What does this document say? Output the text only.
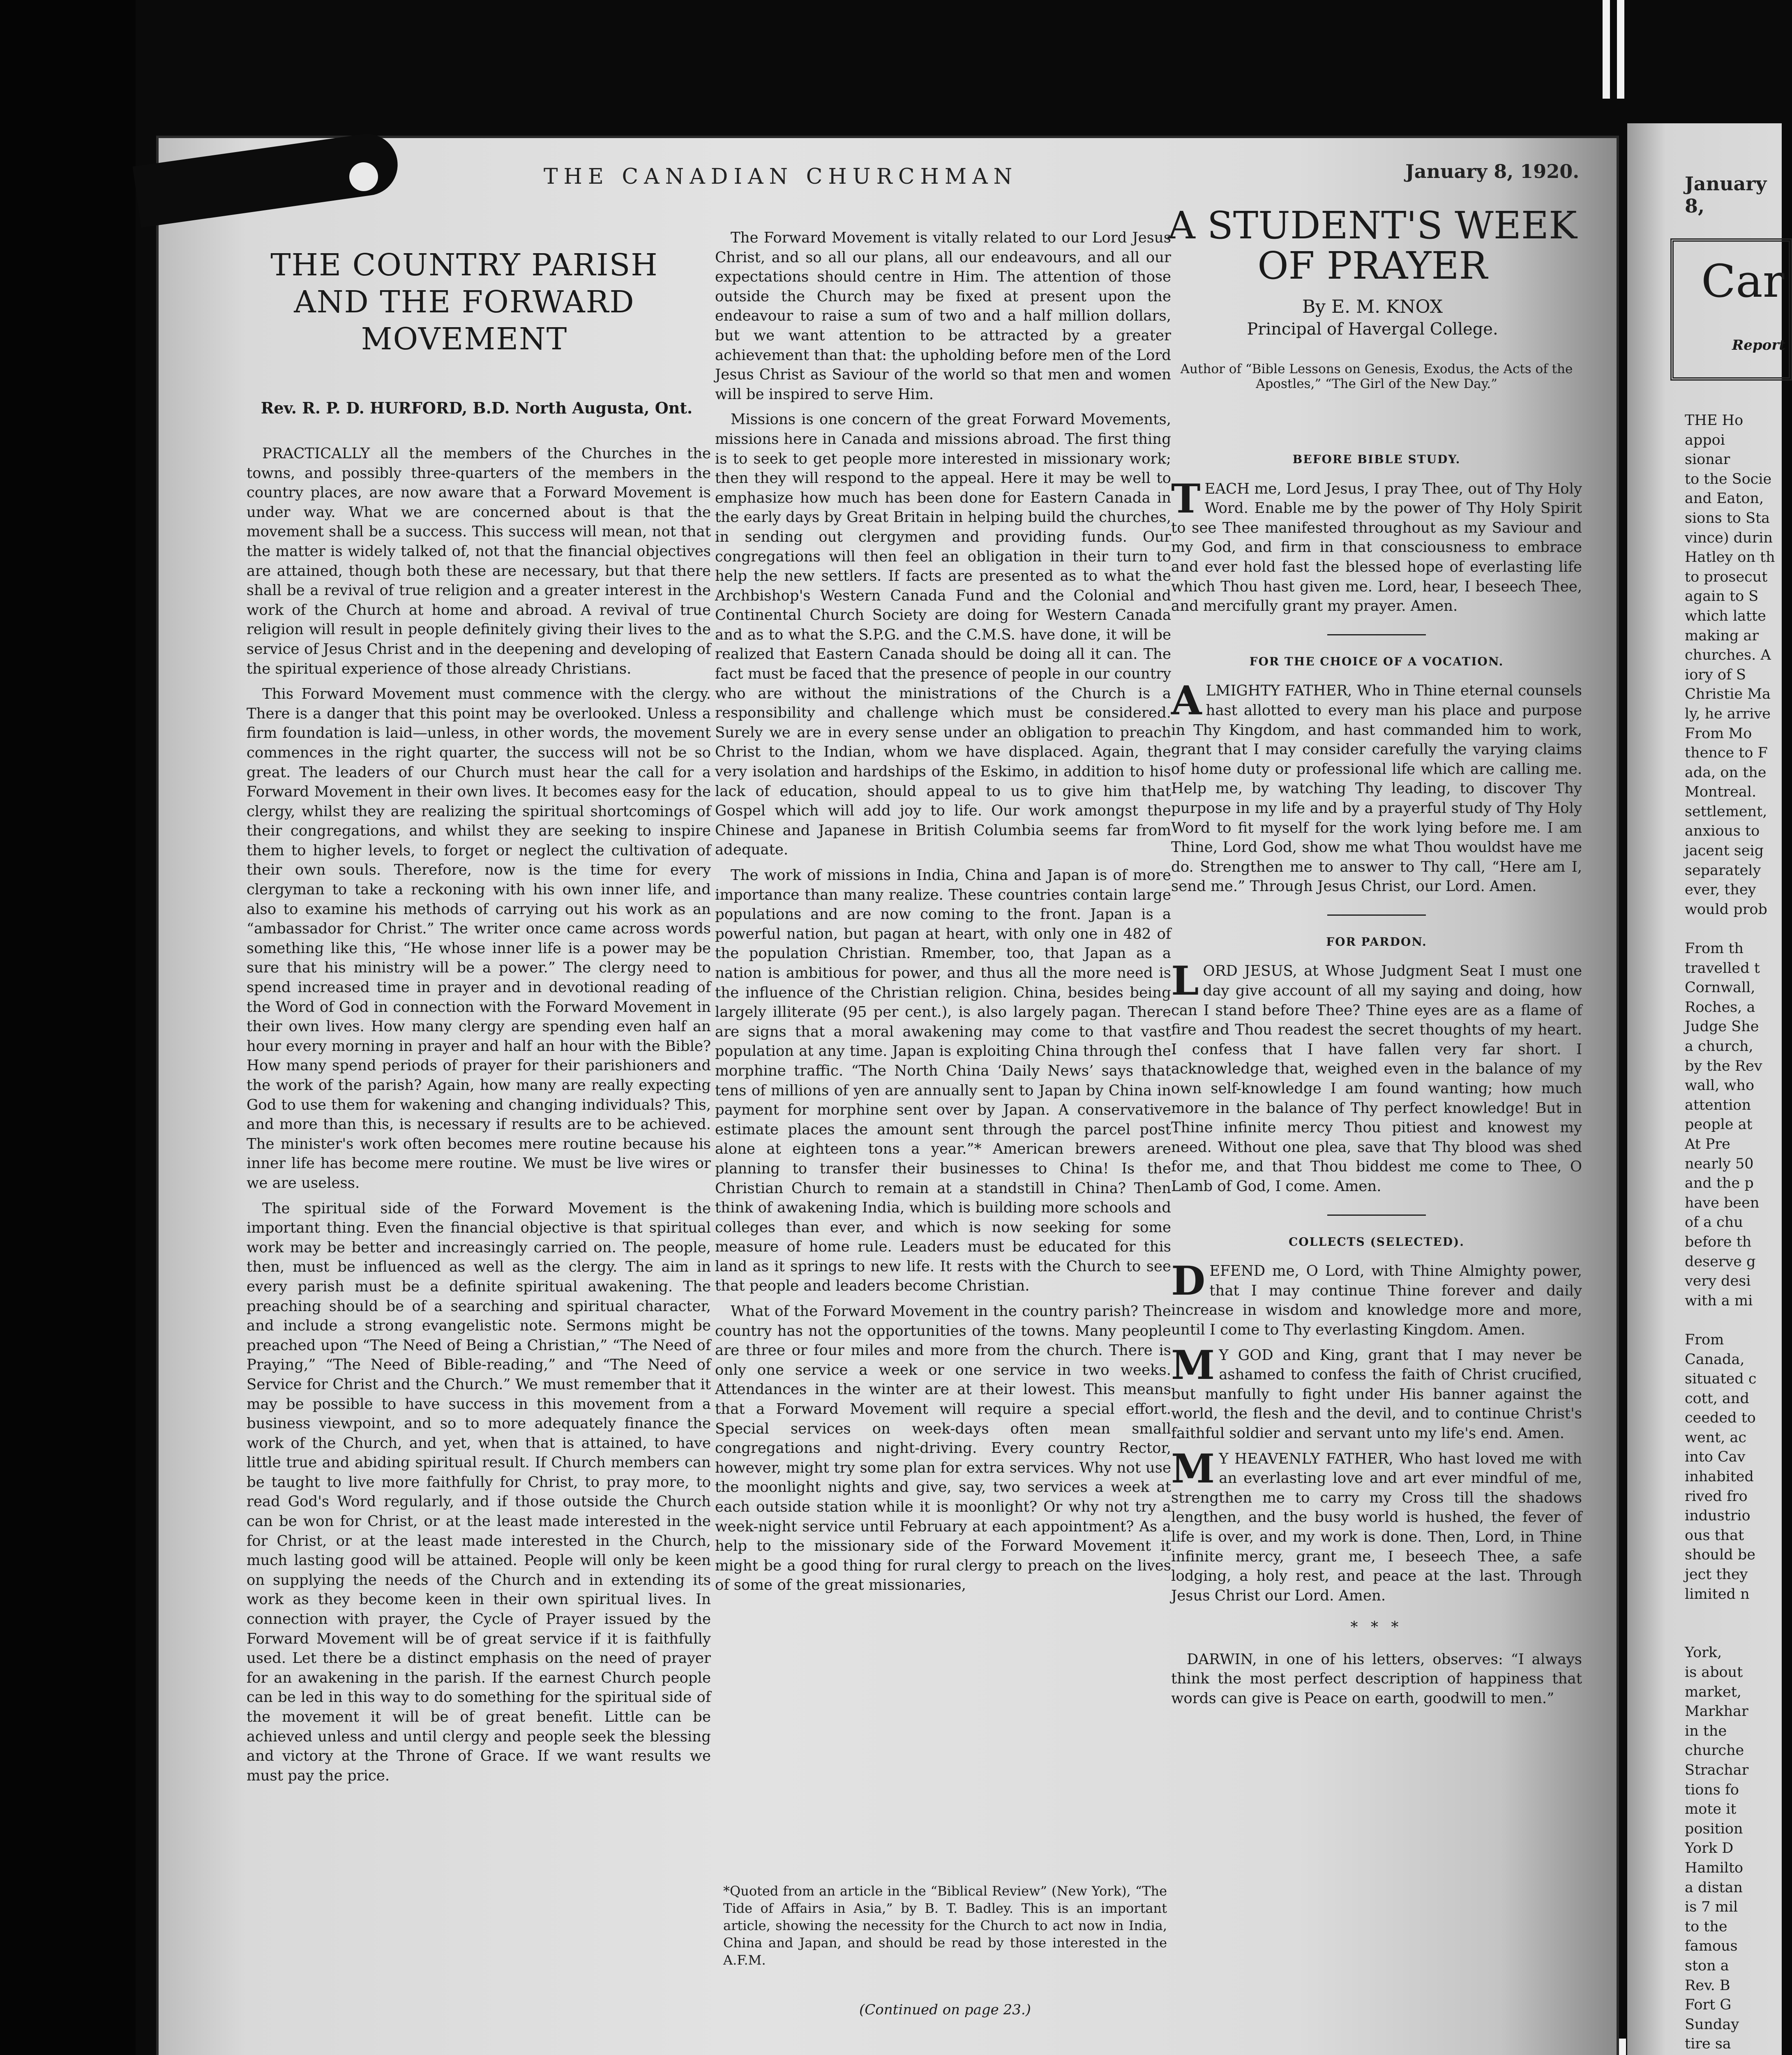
THE CANADIAN CHURCHMAN	January 8, 1920.
THE COUNTRY PARISH AND THE FORWARD MOVEMENT
Rev. R. P. D. HURFORD, B.D. North Augusta, Ont.

PRACTICALLY all the members of the Churches in the towns, and possibly three-quarters of the members in the country places, are now aware that a Forward Movement is under way. What we are concerned about is that the movement shall be a success. This success will mean, not that the matter is widely talked of, not that the financial objectives are attained, though both these are necessary, but that there shall be a revival of true religion and a greater interest in the work of the Church at home and abroad. A revival of true religion will result in people definitely giving their lives to the service of Jesus Christ and in the deepening and developing of the spiritual experience of those already Christians.

This Forward Movement must commence with the clergy. There is a danger that this point may be overlooked. Unless a firm foundation is laid—unless, in other words, the movement commences in the right quarter, the success will not be so great. The leaders of our Church must hear the call for a Forward Movement in their own lives. It becomes easy for the clergy, whilst they are realizing the spiritual shortcomings of their congregations, and whilst they are seeking to inspire them to higher levels, to forget or neglect the cultivation of their own souls. Therefore, now is the time for every clergyman to take a reckoning with his own inner life, and also to examine his methods of carrying out his work as an “ambassador for Christ.” The writer once came across words something like this, “He whose inner life is a power may be sure that his ministry will be a power.” The clergy need to spend increased time in prayer and in devotional reading of the Word of God in connection with the Forward Movement in their own lives. How many clergy are spending even half an hour every morning in prayer and half an hour with the Bible? How many spend periods of prayer for their parishioners and the work of the parish? Again, how many are really expecting God to use them for wakening and changing individuals? This, and more than this, is necessary if results are to be achieved. The minister's work often becomes mere routine because his inner life has become mere routine. We must be live wires or we are useless.

The spiritual side of the Forward Movement is the important thing. Even the financial objective is that spiritual work may be better and increasingly carried on. The people, then, must be influenced as well as the clergy. The aim in every parish must be a definite spiritual awakening. The preaching should be of a searching and spiritual character, and include a strong evangelistic note. Sermons might be preached upon “The Need of Being a Christian,” “The Need of Praying,” “The Need of Bible-reading,” and “The Need of Service for Christ and the Church.” We must remember that it may be possible to have success in this movement from a business viewpoint, and so to more adequately finance the work of the Church, and yet, when that is attained, to have little true and abiding spiritual result. If Church members can be taught to live more faithfully for Christ, to pray more, to read God's Word regularly, and if those outside the Church can be won for Christ, or at the least made interested in the for Christ, or at the least made interested in the Church, much lasting good will be attained. People will only be keen on supplying the needs of the Church and in extending its work as they become keen in their own spiritual lives. In connection with prayer, the Cycle of Prayer issued by the Forward Movement will be of great service if it is faithfully used. Let there be a distinct emphasis on the need of prayer for an awakening in the parish. If the earnest Church people can be led in this way to do something for the spiritual side of the movement it will be of great benefit. Little can be achieved unless and until clergy and people seek the blessing and victory at the Throne of Grace. If we want results we must pay the price.

The Forward Movement is vitally related to our Lord Jesus Christ, and so all our plans, all our endeavours, and all our expectations should centre in Him. The attention of those outside the Church may be fixed at present upon the endeavour to raise a sum of two and a half million dollars, but we want attention to be attracted by a greater achievement than that: the upholding before men of the Lord Jesus Christ as Saviour of the world so that men and women will be inspired to serve Him.

Missions is one concern of the great Forward Movements, missions here in Canada and missions abroad. The first thing is to seek to get people more interested in missionary work; then they will respond to the appeal. Here it may be well to emphasize how much has been done for Eastern Canada in the early days by Great Britain in helping build the churches, in sending out clergymen and providing funds. Our congregations will then feel an obligation in their turn to help the new settlers. If facts are presented as to what the Archbishop's Western Canada Fund and the Colonial and Continental Church Society are doing for Western Canada and as to what the S.P.G. and the C.M.S. have done, it will be realized that Eastern Canada should be doing all it can. The fact must be faced that the presence of people in our country who are without the ministrations of the Church is a responsibility and challenge which must be considered. Surely we are in every sense under an obligation to preach Christ to the Indian, whom we have displaced. Again, the very isolation and hardships of the Eskimo, in addition to his lack of education, should appeal to us to give him that Gospel which will add joy to life. Our work amongst the Chinese and Japanese in British Columbia seems far from adequate.

The work of missions in India, China and Japan is of more importance than many realize. These countries contain large populations and are now coming to the front. Japan is a powerful nation, but pagan at heart, with only one in 482 of the population Christian. Rmember, too, that Japan as a nation is ambitious for power, and thus all the more need is the influence of the Christian religion. China, besides being largely illiterate (95 per cent.), is also largely pagan. There are signs that a moral awakening may come to that vast population at any time. Japan is exploiting China through the morphine traffic. “The North China ‘Daily News’ says that tens of millions of yen are annually sent to Japan by China in payment for morphine sent over by Japan. A conservative estimate places the amount sent through the parcel post alone at eighteen tons a year.”* American brewers are planning to transfer their businesses to China! Is the Christian Church to remain at a standstill in China? Then think of awakening India, which is building more schools and colleges than ever, and which is now seeking for some measure of home rule. Leaders must be educated for this land as it springs to new life. It rests with the Church to see that people and leaders become Christian.

What of the Forward Movement in the country parish? The country has not the opportunities of the towns. Many people are three or four miles and more from the church. There is only one service a week or one service in two weeks. Attendances in the winter are at their lowest. This means that a Forward Movement will require a special effort. Special services on week-days often mean small congregations and night-driving. Every country Rector, however, might try some plan for extra services. Why not use the moonlight nights and give, say, two services a week at each outside station while it is moonlight? Or why not try a week-night service until February at each appointment? As a help to the missionary side of the Forward Movement it might be a good thing for rural clergy to preach on the lives of some of the great missionaries,

*Quoted from an article in the “Biblical Review” (New York), “The Tide of Affairs in Asia,” by B. T. Badley. This is an important article, showing the necessity for the Church to act now in India, China and Japan, and should be read by those interested in the A.F.M.
(Continued on page 23.)
A STUDENT'S WEEK OF PRAYER
By E. M. KNOX
Principal of Havergal College.
Author of “Bible Lessons on Genesis, Exodus, the Acts of the Apostles,” “The Girl of the New Day.”
BEFORE BIBLE STUDY.

TEACH me, Lord Jesus, I pray Thee, out of Thy Holy Word. Enable me by the power of Thy Holy Spirit to see Thee manifested throughout as my Saviour and my God, and firm in that consciousness to embrace and ever hold fast the blessed hope of everlasting life which Thou hast given me. Lord, hear, I beseech Thee, and mercifully grant my prayer. Amen.

FOR THE CHOICE OF A VOCATION.

ALMIGHTY FATHER, Who in Thine eternal counsels hast allotted to every man his place and purpose in Thy Kingdom, and hast commanded him to work, grant that I may consider carefully the varying claims of home duty or professional life which are calling me. Help me, by watching Thy leading, to discover Thy purpose in my life and by a prayerful study of Thy Holy Word to fit myself for the work lying before me. I am Thine, Lord God, show me what Thou wouldst have me do. Strengthen me to answer to Thy call, “Here am I, send me.” Through Jesus Christ, our Lord. Amen.

FOR PARDON.

LORD JESUS, at Whose Judgment Seat I must one day give account of all my saying and doing, how can I stand before Thee? Thine eyes are as a flame of fire and Thou readest the secret thoughts of my heart. I confess that I have fallen very far short. I acknowledge that, weighed even in the balance of my own self-knowledge I am found wanting; how much more in the balance of Thy perfect knowledge! But in Thine infinite mercy Thou pitiest and knowest my need. Without one plea, save that Thy blood was shed for me, and that Thou biddest me come to Thee, O Lamb of God, I come. Amen.

COLLECTS (SELECTED).

DEFEND me, O Lord, with Thine Almighty power, that I may continue Thine forever and daily increase in wisdom and knowledge more and more, until I come to Thy everlasting Kingdom. Amen.

M Y GOD and King, grant that I may never be ashamed to confess the faith of Christ crucified, but manfully to fight under His banner against the world, the flesh and the devil, and to continue Christ's faithful soldier and servant unto my life's end. Amen.

M Y HEAVENLY FATHER, Who hast loved me with an everlasting love and art ever mindful of me, strengthen me to carry my Cross till the shadows lengthen, and the busy world is hushed, the fever of life is over, and my work is done. Then, Lord, in Thine infinite mercy, grant me, I beseech Thee, a safe lodging, a holy rest, and peace at the last. Through Jesus Christ our Lord. Amen.

* * *

DARWIN, in one of his letters, observes: “I always think the most perfect description of happiness that words can give is Peace on earth, goodwill to men.”

January 8,
Car
Report
THE Ho
appoi
sionar
to the Socie
and Eaton,
sions to Sta
vince) durin
Hatley on th
to prosecut
again to S
which latte
making ar
churches. A
iory of S
Christie Ma
ly, he arrive
From Mo
thence to F
ada, on the
Montreal.
settlement,
anxious to
jacent seig
separately
ever, they
would prob
From th
travelled t
Cornwall,
Roches, a
Judge She
a church,
by the Rev
wall, who
attention
people at
At Pre
nearly 50
and the p
have been
of a chu
before th
deserve g
very desi
with a mi
From
Canada,
situated c
cott, and
ceeded to
went, ac
into Cav
inhabited
rived fro
industrio
ous that
should be
ject they
limited n
York,
is about
market,
Markhar
in the
churche
Strachar
tions fo
mote it
position
York D
Hamilto
a distan
is 7 mil
to the
famous
ston a
Rev. B
Fort G
Sunday
tire sa
